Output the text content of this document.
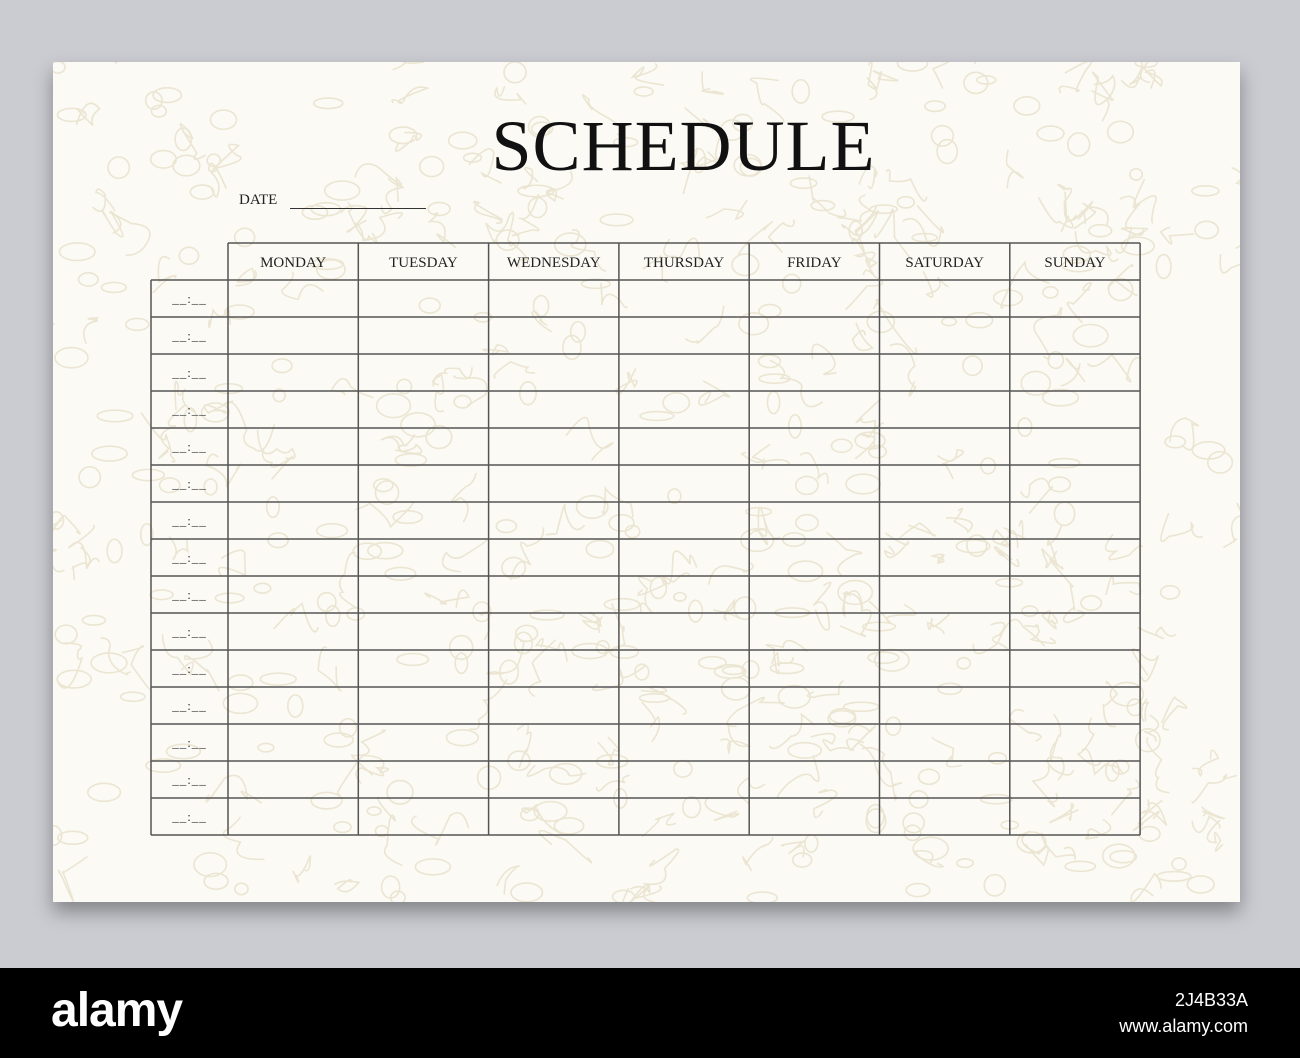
SCHEDULE
DATE
MONDAY	TUESDAY	WEDNESDAY	THURSDAY	FRIDAY	SATURDAY	SUNDAY
__:__
__:__
__:__
__:__
__:__
__:__
__:__
__:__
__:__
__:__
__:__
__:__
__:__
__:__
__:__
alamy	2J4B33A
www.alamy.com
